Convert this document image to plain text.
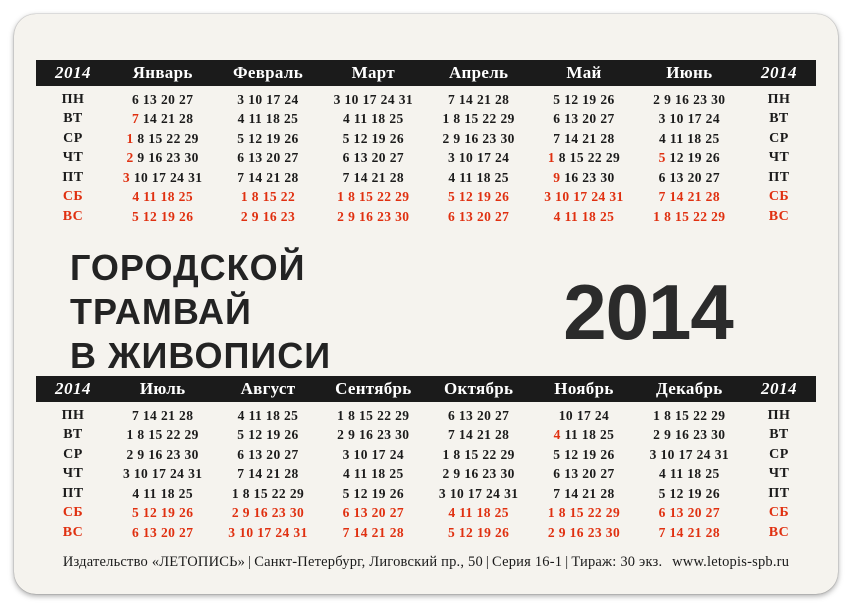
2014	Январь	Февраль	Март	Апрель	Май	Июнь	2014
ПН	6 13 20 27	3 10 17 24	3 10 17 24 31	7 14 21 28	5 12 19 26	2 9 16 23 30	ПН
ВТ	7 14 21 28	4 11 18 25	4 11 18 25	1 8 15 22 29	6 13 20 27	3 10 17 24	ВТ
СР	1 8 15 22 29	5 12 19 26	5 12 19 26	2 9 16 23 30	7 14 21 28	4 11 18 25	СР
ЧТ	2 9 16 23 30	6 13 20 27	6 13 20 27	3 10 17 24	1 8 15 22 29	5 12 19 26	ЧТ
ПТ	3 10 17 24 31	7 14 21 28	7 14 21 28	4 11 18 25	9 16 23 30	6 13 20 27	ПТ
СБ	4 11 18 25	1 8 15 22	1 8 15 22 29	5 12 19 26	3 10 17 24 31	7 14 21 28	СБ
ВС	5 12 19 26	2 9 16 23	2 9 16 23 30	6 13 20 27	4 11 18 25	1 8 15 22 29	ВС
ГОРОДСКОЙ ТРАМВАЙ
В ЖИВОПИСИ	2014
2014	Июль	Август	Сентябрь	Октябрь	Ноябрь	Декабрь	2014
ПН	7 14 21 28	4 11 18 25	1 8 15 22 29	6 13 20 27	10 17 24	1 8 15 22 29	ПН
ВТ	1 8 15 22 29	5 12 19 26	2 9 16 23 30	7 14 21 28	4 11 18 25	2 9 16 23 30	ВТ
СР	2 9 16 23 30	6 13 20 27	3 10 17 24	1 8 15 22 29	5 12 19 26	3 10 17 24 31	СР
ЧТ	3 10 17 24 31	7 14 21 28	4 11 18 25	2 9 16 23 30	6 13 20 27	4 11 18 25	ЧТ
ПТ	4 11 18 25	1 8 15 22 29	5 12 19 26	3 10 17 24 31	7 14 21 28	5 12 19 26	ПТ
СБ	5 12 19 26	2 9 16 23 30	6 13 20 27	4 11 18 25	1 8 15 22 29	6 13 20 27	СБ
ВС	6 13 20 27	3 10 17 24 31	7 14 21 28	5 12 19 26	2 9 16 23 30	7 14 21 28	ВС
Издательство «ЛЕТОПИСЬ» | Санкт-Петербург, Лиговский пр., 50 | Серия 16-1 | Тираж: 30 экз. www.letopis-spb.ru
